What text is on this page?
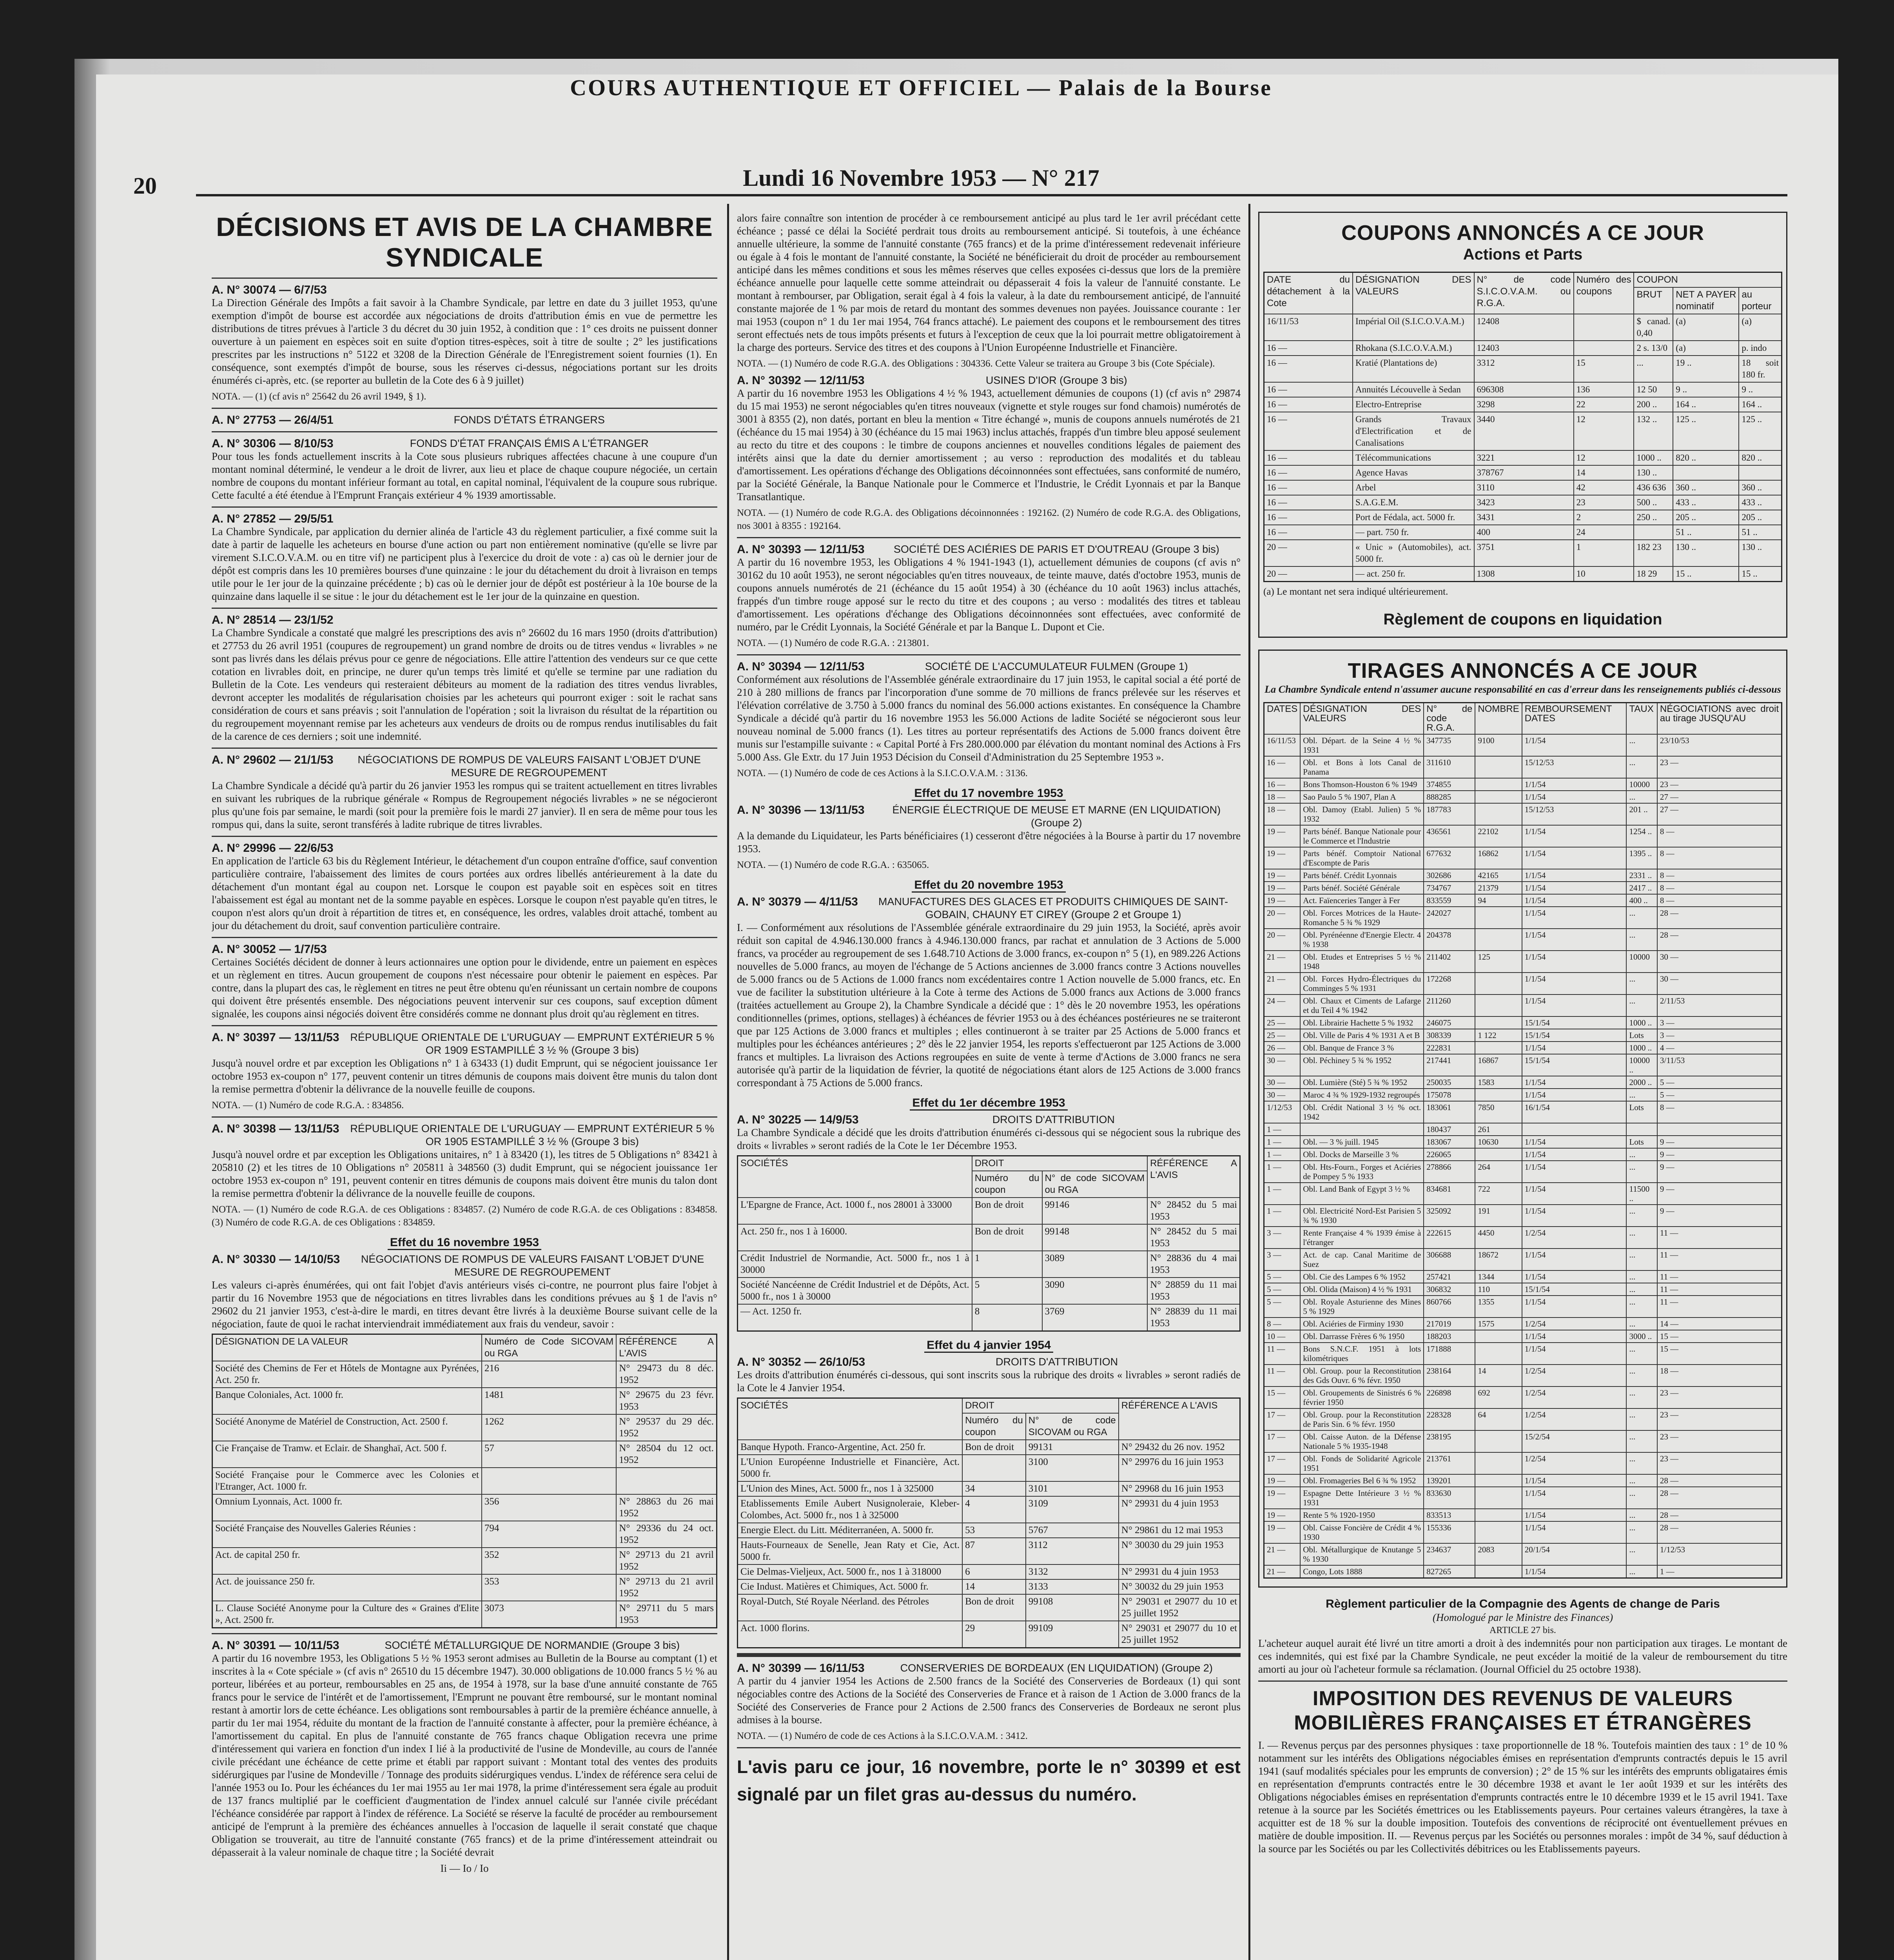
COURS AUTHENTIQUE ET OFFICIEL — Palais de la Bourse
20	Lundi 16 Novembre 1953 — N° 217
DÉCISIONS ET AVIS DE LA CHAMBRE SYNDICALE
A. N° 30074 — 6/7/53

La Direction Générale des Impôts a fait savoir à la Chambre Syndicale, par lettre en date du 3 juillet 1953, qu'une exemption d'impôt de bourse est accordée aux négociations de droits d'attribution émis en vue de permettre les distributions de titres prévues à l'article 3 du décret du 30 juin 1952, à condition que : 1° ces droits ne puissent donner ouverture à un paiement en espèces soit en suite d'option titres-espèces, soit à titre de soulte ; 2° les justifications prescrites par les instructions n° 5122 et 3208 de la Direction Générale de l'Enregistrement soient fournies (1). En conséquence, sont exemptés d'impôt de bourse, sous les réserves ci-dessus, négociations portant sur les droits énumérés ci-après, etc. (se reporter au bulletin de la Cote des 6 à 9 juillet)

NOTA. — (1) (cf avis n° 25642 du 26 avril 1949, § 1).

A. N° 27753 — 26/4/51	FONDS D'ÉTATS ÉTRANGERS

A. N° 30306 — 8/10/53	FONDS D'ÉTAT FRANÇAIS ÉMIS A L'ÉTRANGER

Pour tous les fonds actuellement inscrits à la Cote sous plusieurs rubriques affectées chacune à une coupure d'un montant nominal déterminé, le vendeur a le droit de livrer, aux lieu et place de chaque coupure négociée, un certain nombre de coupons du montant inférieur formant au total, en capital nominal, l'équivalent de la coupure sous rubrique. Cette faculté a été étendue à l'Emprunt Français extérieur 4 % 1939 amortissable.

A. N° 27852 — 29/5/51

La Chambre Syndicale, par application du dernier alinéa de l'article 43 du règlement particulier, a fixé comme suit la date à partir de laquelle les acheteurs en bourse d'une action ou part non entièrement nominative (qu'elle se livre par virement S.I.C.O.V.A.M. ou en titre vif) ne participent plus à l'exercice du droit de vote : a) cas où le dernier jour de dépôt est compris dans les 10 premières bourses d'une quinzaine : le jour du détachement du droit à livraison en temps utile pour le 1er jour de la quinzaine précédente ; b) cas où le dernier jour de dépôt est postérieur à la 10e bourse de la quinzaine dans laquelle il se situe : le jour du détachement est le 1er jour de la quinzaine en question.

A. N° 28514 — 23/1/52

La Chambre Syndicale a constaté que malgré les prescriptions des avis n° 26602 du 16 mars 1950 (droits d'attribution) et 27753 du 26 avril 1951 (coupures de regroupement) un grand nombre de droits ou de titres vendus « livrables » ne sont pas livrés dans les délais prévus pour ce genre de négociations. Elle attire l'attention des vendeurs sur ce que cette cotation en livrables doit, en principe, ne durer qu'un temps très limité et qu'elle se termine par une radiation du Bulletin de la Cote. Les vendeurs qui resteraient débiteurs au moment de la radiation des titres vendus livrables, devront accepter les modalités de régularisation choisies par les acheteurs qui pourront exiger : soit le rachat sans considération de cours et sans préavis ; soit l'annulation de l'opération ; soit la livraison du résultat de la répartition ou du regroupement moyennant remise par les acheteurs aux vendeurs de droits ou de rompus rendus inutilisables du fait de la carence de ces derniers ; soit une indemnité.

A. N° 29602 — 21/1/53	NÉGOCIATIONS DE ROMPUS DE VALEURS FAISANT L'OBJET D'UNE MESURE DE REGROUPEMENT

La Chambre Syndicale a décidé qu'à partir du 26 janvier 1953 les rompus qui se traitent actuellement en titres livrables en suivant les rubriques de la rubrique générale « Rompus de Regroupement négociés livrables » ne se négocieront plus qu'une fois par semaine, le mardi (soit pour la première fois le mardi 27 janvier). Il en sera de même pour tous les rompus qui, dans la suite, seront transférés à ladite rubrique de titres livrables.

A. N° 29996 — 22/6/53

En application de l'article 63 bis du Règlement Intérieur, le détachement d'un coupon entraîne d'office, sauf convention particulière contraire, l'abaissement des limites de cours portées aux ordres libellés antérieurement à la date du détachement d'un montant égal au coupon net. Lorsque le coupon est payable soit en espèces soit en titres l'abaissement est égal au montant net de la somme payable en espèces. Lorsque le coupon n'est payable qu'en titres, le coupon n'est alors qu'un droit à répartition de titres et, en conséquence, les ordres, valables droit attaché, tombent au jour du détachement du droit, sauf convention particulière contraire.

A. N° 30052 — 1/7/53

Certaines Sociétés décident de donner à leurs actionnaires une option pour le dividende, entre un paiement en espèces et un règlement en titres. Aucun groupement de coupons n'est nécessaire pour obtenir le paiement en espèces. Par contre, dans la plupart des cas, le règlement en titres ne peut être obtenu qu'en réunissant un certain nombre de coupons qui doivent être présentés ensemble. Des négociations peuvent intervenir sur ces coupons, sauf exception dûment signalée, les coupons ainsi négociés doivent être considérés comme ne donnant plus droit qu'au règlement en titres.

A. N° 30397 — 13/11/53 RÉPUBLIQUE ORIENTALE DE L'URUGUAY — EMPRUNT EXTÉRIEUR 5 % OR 1909 ESTAMPILLÉ 3 ½ % (Groupe 3 bis)

Jusqu'à nouvel ordre et par exception les Obligations n° 1 à 63433 (1) dudit Emprunt, qui se négocient jouissance 1er octobre 1953 ex-coupon n° 177, peuvent contenir un titres démunis de coupons mais doivent être munis du talon dont la remise permettra d'obtenir la délivrance de la nouvelle feuille de coupons.

NOTA. — (1) Numéro de code R.G.A. : 834856.

A. N° 30398 — 13/11/53 RÉPUBLIQUE ORIENTALE DE L'URUGUAY — EMPRUNT EXTÉRIEUR 5 % OR 1905 ESTAMPILLÉ 3 ½ % (Groupe 3 bis)

Jusqu'à nouvel ordre et par exception les Obligations unitaires, n° 1 à 83420 (1), les titres de 5 Obligations n° 83421 à 205810 (2) et les titres de 10 Obligations n° 205811 à 348560 (3) dudit Emprunt, qui se négocient jouissance 1er octobre 1953 ex-coupon n° 191, peuvent contenir en titres démunis de coupons mais doivent être munis du talon dont la remise permettra d'obtenir la délivrance de la nouvelle feuille de coupons.

NOTA. — (1) Numéro de code R.G.A. de ces Obligations : 834857. (2) Numéro de code R.G.A. de ces Obligations : 834858. (3) Numéro de code R.G.A. de ces Obligations : 834859.

Effet du 16 novembre 1953
A. N° 30330 — 14/10/53	NÉGOCIATIONS DE ROMPUS DE VALEURS FAISANT L'OBJET D'UNE MESURE DE REGROUPEMENT

Les valeurs ci-après énumérées, qui ont fait l'objet d'avis antérieurs visés ci-contre, ne pourront plus faire l'objet à partir du 16 Novembre 1953 que de négociations en titres livrables dans les conditions prévues au § 1 de l'avis n° 29602 du 21 janvier 1953, c'est-à-dire le mardi, en titres devant être livrés à la deuxième Bourse suivant celle de la négociation, faute de quoi le rachat interviendrait immédiatement aux frais du vendeur, savoir :

DÉSIGNATION DE LA VALEUR	Numéro de Code SICOVAM ou RGA	RÉFÉRENCE A L'AVIS
Société des Chemins de Fer et Hôtels de Montagne aux Pyrénées, Act. 250 fr.	216	N° 29473 du 8 déc. 1952
Banque Coloniales, Act. 1000 fr.	1481	N° 29675 du 23 févr. 1953
Société Anonyme de Matériel de Construction, Act. 2500 f.	1262	N° 29537 du 29 déc. 1952
Cie Française de Tramw. et Eclair. de Shanghaï, Act. 500 f.	57	N° 28504 du 12 oct. 1952
Société Française pour le Commerce avec les Colonies et l'Etranger, Act. 1000 fr.		
Omnium Lyonnais, Act. 1000 fr.	356	N° 28863 du 26 mai 1952
Société Française des Nouvelles Galeries Réunies :	794	N° 29336 du 24 oct. 1952
Act. de capital 250 fr.	352	N° 29713 du 21 avril 1952
Act. de jouissance 250 fr.	353	N° 29713 du 21 avril 1952
L. Clause Société Anonyme pour la Culture des « Graines d'Elite », Act. 2500 fr.	3073	N° 29711 du 5 mars 1953
A. N° 30391 — 10/11/53	SOCIÉTÉ MÉTALLURGIQUE DE NORMANDIE (Groupe 3 bis)

A partir du 16 novembre 1953, les Obligations 5 ½ % 1953 seront admises au Bulletin de la Bourse au comptant (1) et inscrites à la « Cote spéciale » (cf avis n° 26510 du 15 décembre 1947). 30.000 obligations de 10.000 francs 5 ½ % au porteur, libérées et au porteur, remboursables en 25 ans, de 1954 à 1978, sur la base d'une annuité constante de 765 francs pour le service de l'intérêt et de l'amortissement, l'Emprunt ne pouvant être remboursé, sur le montant nominal restant à amortir lors de cette échéance. Les obligations sont remboursables à partir de la première échéance annuelle, à partir du 1er mai 1954, réduite du montant de la fraction de l'annuité constante à affecter, pour la première échéance, à l'amortissement du capital. En plus de l'annuité constante de 765 francs chaque Obligation recevra une prime d'intéressement qui variera en fonction d'un index I lié à la productivité de l'usine de Mondeville, au cours de l'année civile précédant une échéance de cette prime et établi par rapport suivant : Montant total des ventes des produits sidérurgiques par l'usine de Mondeville / Tonnage des produits sidérurgiques vendus. L'index de référence sera celui de l'année 1953 ou Io. Pour les échéances du 1er mai 1955 au 1er mai 1978, la prime d'intéressement sera égale au produit de 137 francs multiplié par le coefficient d'augmentation de l'index annuel calculé sur l'année civile précédant l'échéance considérée par rapport à l'index de référence. La Société se réserve la faculté de procéder au remboursement anticipé de l'emprunt à la première des échéances annuelles à l'occasion de laquelle il serait constaté que chaque Obligation se trouverait, au titre de l'annuité constante (765 francs) et de la prime d'intéressement atteindrait ou dépasserait à la valeur nominale de chaque titre ; la Société devrait

Ii — Io / Io

alors faire connaître son intention de procéder à ce remboursement anticipé au plus tard le 1er avril précédant cette échéance ; passé ce délai la Société perdrait tous droits au remboursement anticipé. Si toutefois, à une échéance annuelle ultérieure, la somme de l'annuité constante (765 francs) et de la prime d'intéressement redevenait inférieure ou égale à 4 fois le montant de l'annuité constante, la Société ne bénéficierait du droit de procéder au remboursement anticipé dans les mêmes conditions et sous les mêmes réserves que celles exposées ci-dessus que lors de la première échéance annuelle pour laquelle cette somme atteindrait ou dépasserait 4 fois la valeur de l'annuité constante. Le montant à rembourser, par Obligation, serait égal à 4 fois la valeur, à la date du remboursement anticipé, de l'annuité constante majorée de 1 % par mois de retard du montant des sommes devenues non payées. Jouissance courante : 1er mai 1953 (coupon n° 1 du 1er mai 1954, 764 francs attaché). Le paiement des coupons et le remboursement des titres seront effectués nets de tous impôts présents et futurs à l'exception de ceux que la loi pourrait mettre obligatoirement à la charge des porteurs. Service des titres et des coupons à l'Union Européenne Industrielle et Financière.

NOTA. — (1) Numéro de code R.G.A. des Obligations : 304336. Cette Valeur se traitera au Groupe 3 bis (Cote Spéciale).

A. N° 30392 — 12/11/53	USINES D'IOR (Groupe 3 bis)

A partir du 16 novembre 1953 les Obligations 4 ½ % 1943, actuellement démunies de coupons (1) (cf avis n° 29874 du 15 mai 1953) ne seront négociables qu'en titres nouveaux (vignette et style rouges sur fond chamois) numérotés de 3001 à 8355 (2), non datés, portant en bleu la mention « Titre échangé », munis de coupons annuels numérotés de 21 (échéance du 15 mai 1954) à 30 (échéance du 15 mai 1963) inclus attachés, frappés d'un timbre bleu apposé seulement au recto du titre et des coupons : le timbre de coupons anciennes et nouvelles conditions légales de paiement des intérêts ainsi que la date du dernier amortissement ; au verso : reproduction des modalités et du tableau d'amortissement. Les opérations d'échange des Obligations décoinnonnées sont effectuées, sans conformité de numéro, par la Société Générale, la Banque Nationale pour le Commerce et l'Industrie, le Crédit Lyonnais et par la Banque Transatlantique.

NOTA. — (1) Numéro de code R.G.A. des Obligations décoinnonnées : 192162. (2) Numéro de code R.G.A. des Obligations, nos 3001 à 8355 : 192164.

A. N° 30393 — 12/11/53	SOCIÉTÉ DES ACIÉRIES DE PARIS ET D'OUTREAU (Groupe 3 bis)

A partir du 16 novembre 1953, les Obligations 4 % 1941-1943 (1), actuellement démunies de coupons (cf avis n° 30162 du 10 août 1953), ne seront négociables qu'en titres nouveaux, de teinte mauve, datés d'octobre 1953, munis de coupons annuels numérotés de 21 (échéance du 15 août 1954) à 30 (échéance du 10 août 1963) inclus attachés, frappés d'un timbre rouge apposé sur le recto du titre et des coupons ; au verso : modalités des titres et tableau d'amortissement. Les opérations d'échange des Obligations décoinnonnées sont effectuées, avec conformité de numéro, par le Crédit Lyonnais, la Société Générale et par la Banque L. Dupont et Cie.

NOTA. — (1) Numéro de code R.G.A. : 213801.

A. N° 30394 — 12/11/53	SOCIÉTÉ DE L'ACCUMULATEUR FULMEN (Groupe 1)

Conformément aux résolutions de l'Assemblée générale extraordinaire du 17 juin 1953, le capital social a été porté de 210 à 280 millions de francs par l'incorporation d'une somme de 70 millions de francs prélevée sur les réserves et l'élévation corrélative de 3.750 à 5.000 francs du nominal des 56.000 actions existantes. En conséquence la Chambre Syndicale a décidé qu'à partir du 16 novembre 1953 les 56.000 Actions de ladite Société se négocieront sous leur nouveau nominal de 5.000 francs (1). Les titres au porteur représentatifs des Actions de 5.000 francs doivent être munis sur l'estampille suivante : « Capital Porté à Frs 280.000.000 par élévation du montant nominal des Actions à Frs 5.000 Ass. Gle Extr. du 17 Juin 1953 Décision du Conseil d'Administration du 25 Septembre 1953 ».

NOTA. — (1) Numéro de code de ces Actions à la S.I.C.O.V.A.M. : 3136.

Effet du 17 novembre 1953
A. N° 30396 — 13/11/53	ÉNERGIE ÉLECTRIQUE DE MEUSE ET MARNE (EN LIQUIDATION) (Groupe 2)

A la demande du Liquidateur, les Parts bénéficiaires (1) cesseront d'être négociées à la Bourse à partir du 17 novembre 1953.

NOTA. — (1) Numéro de code R.G.A. : 635065.

Effet du 20 novembre 1953
A. N° 30379 — 4/11/53	MANUFACTURES DES GLACES ET PRODUITS CHIMIQUES DE SAINT-GOBAIN, CHAUNY ET CIREY (Groupe 2 et Groupe 1)

I. — Conformément aux résolutions de l'Assemblée générale extraordinaire du 29 juin 1953, la Société, après avoir réduit son capital de 4.946.130.000 francs à 4.946.130.000 francs, par rachat et annulation de 3 Actions de 5.000 francs, va procéder au regroupement de ses 1.648.710 Actions de 3.000 francs, ex-coupon n° 5 (1), en 989.226 Actions nouvelles de 5.000 francs, au moyen de l'échange de 5 Actions anciennes de 3.000 francs contre 3 Actions nouvelles de 5.000 francs ou de 5 Actions de 1.000 francs nom excédentaires contre 1 Action nouvelle de 5.000 francs, etc. En vue de faciliter la substitution ultérieure à la Cote à terme des Actions de 5.000 francs aux Actions de 3.000 francs (traitées actuellement au Groupe 2), la Chambre Syndicale a décidé que : 1° dès le 20 novembre 1953, les opérations conditionnelles (primes, options, stellages) à échéances de février 1953 ou à des échéances postérieures ne se traiteront que par 125 Actions de 3.000 francs et multiples ; elles continueront à se traiter par 25 Actions de 5.000 francs et multiples pour les échéances antérieures ; 2° dès le 22 janvier 1954, les reports s'effectueront par 125 Actions de 3.000 francs et multiples. La livraison des Actions regroupées en suite de vente à terme d'Actions de 3.000 francs ne sera autorisée qu'à partir de la liquidation de février, la quotité de négociations étant alors de 125 Actions de 3.000 francs correspondant à 75 Actions de 5.000 francs.

Effet du 1er décembre 1953
A. N° 30225 — 14/9/53	DROITS D'ATTRIBUTION

La Chambre Syndicale a décidé que les droits d'attribution énumérés ci-dessous qui se négocient sous la rubrique des droits « livrables » seront radiés de la Cote le 1er Décembre 1953.

SOCIÉTÉS	DROIT		RÉFÉRENCE A L'AVIS
	Numéro du coupon	N° de code SICOVAM ou RGA	
L'Epargne de France, Act. 1000 f., nos 28001 à 33000	Bon de droit	99146	N° 28452 du 5 mai 1953
Act. 250 fr., nos 1 à 16000.	Bon de droit	99148	N° 28452 du 5 mai 1953
Crédit Industriel de Normandie, Act. 5000 fr., nos 1 à 30000	1	3089	N° 28836 du 4 mai 1953
Société Nancéenne de Crédit Industriel et de Dépôts, Act. 5000 fr., nos 1 à 30000	5	3090	N° 28859 du 11 mai 1953
— Act. 1250 fr.	8	3769	N° 28839 du 11 mai 1953
Effet du 4 janvier 1954
A. N° 30352 — 26/10/53	DROITS D'ATTRIBUTION

Les droits d'attribution énumérés ci-dessous, qui sont inscrits sous la rubrique des droits « livrables » seront radiés de la Cote le 4 Janvier 1954.

SOCIÉTÉS	DROIT		RÉFÉRENCE A L'AVIS
	Numéro du coupon	N° de code SICOVAM ou RGA	
Banque Hypoth. Franco-Argentine, Act. 250 fr.	Bon de droit	99131	N° 29432 du 26 nov. 1952
L'Union Européenne Industrielle et Financière, Act. 5000 fr.		3100	N° 29976 du 16 juin 1953
L'Union des Mines, Act. 5000 fr., nos 1 à 325000	34	3101	N° 29968 du 16 juin 1953
Etablissements Emile Aubert Nusignoleraie, Kleber-Colombes, Act. 5000 fr., nos 1 à 325000	4	3109	N° 29931 du 4 juin 1953
Energie Elect. du Litt. Méditerranéen, A. 5000 fr.	53	5767	N° 29861 du 12 mai 1953
Hauts-Fourneaux de Senelle, Jean Raty et Cie, Act. 5000 fr.	87	3112	N° 30030 du 29 juin 1953
Cie Delmas-Vieljeux, Act. 5000 fr., nos 1 à 318000	6	3132	N° 29931 du 4 juin 1953
Cie Indust. Matières et Chimiques, Act. 5000 fr.	14	3133	N° 30032 du 29 juin 1953
Royal-Dutch, Sté Royale Néerland. des Pétroles	Bon de droit	99108	N° 29031 et 29077 du 10 et 25 juillet 1952
Act. 1000 florins.	29	99109	N° 29031 et 29077 du 10 et 25 juillet 1952
A. N° 30399 — 16/11/53	CONSERVERIES DE BORDEAUX (EN LIQUIDATION) (Groupe 2)

A partir du 4 janvier 1954 les Actions de 2.500 francs de la Société des Conserveries de Bordeaux (1) qui sont négociables contre des Actions de la Société des Conserveries de France et à raison de 1 Action de 3.000 francs de la Société des Conserveries de France pour 2 Actions de 2.500 francs des Conserveries de Bordeaux ne seront plus admises à la bourse.

NOTA. — (1) Numéro de code de ces Actions à la S.I.C.O.V.A.M. : 3412.

L'avis paru ce jour, 16 novembre, porte le n° 30399 et est signalé par un filet gras au-dessus du numéro.
COUPONS ANNONCÉS A CE JOUR
Actions et Parts
DATE du détachement à la Cote	DÉSIGNATION DES VALEURS	N° de code S.I.C.O.V.A.M. ou R.G.A.	Numéro des coupons	COUPON		
				BRUT	NET A PAYER nominatif	au porteur
16/11/53	Impérial Oil (S.I.C.O.V.A.M.)	12408		$ canad. 0,40	(a)	(a)
16 —	Rhokana (S.I.C.O.V.A.M.)	12403		2 s. 13/0	(a)	p. indo
16 —	Kratié (Plantations de)	3312	15	...	19 ..	18 soit 180 fr.
16 —	Annuités Lécouvelle à Sedan	696308	136	12 50	9 ..	9 ..
16 —	Electro-Entreprise	3298	22	200 ..	164 ..	164 ..
16 —	Grands Travaux d'Electrification et de Canalisations	3440	12	132 ..	125 ..	125 ..
16 —	Télécommunications	3221	12	1000 ..	820 ..	820 ..
16 —	Agence Havas	378767	14	130 ..		
16 —	Arbel	3110	42	436 636	360 ..	360 ..
16 —	S.A.G.E.M.	3423	23	500 ..	433 ..	433 ..
16 —	Port de Fédala, act. 5000 fr.	3431	2	250 ..	205 ..	205 ..
16 —	— part. 750 fr.	400	24		51 ..	51 ..
20 —	« Unic » (Automobiles), act. 5000 fr.	3751	1	182 23	130 ..	130 ..
20 —	— act. 250 fr.	1308	10	18 29	15 ..	15 ..

(a) Le montant net sera indiqué ultérieurement.

Règlement de coupons en liquidation
TIRAGES ANNONCÉS A CE JOUR
La Chambre Syndicale entend n'assumer aucune responsabilité en cas d'erreur dans les renseignements publiés ci-dessous
DATES	DÉSIGNATION DES VALEURS	N° de code R.G.A.	NOMBRE	REMBOURSEMENT DATES	TAUX	NÉGOCIATIONS avec droit au tirage JUSQU'AU
16/11/53	Obl. Départ. de la Seine 4 ½ % 1931	347735	9100	1/1/54	...	23/10/53
16 —	Obl. et Bons à lots Canal de Panama	311610		15/12/53	...	23 —
16 —	Bons Thomson-Houston 6 % 1949	374855		1/1/54	10000	23 —
18 —	Sao Paulo 5 % 1907, Plan A	888285		1/1/54	...	27 —
18 —	Obl. Damoy (Etabl. Julien) 5 % 1932	187783		15/12/53	201 ..	27 —
19 —	Parts bénéf. Banque Nationale pour le Commerce et l'Industrie	436561	22102	1/1/54	1254 ..	8 —
19 —	Parts bénéf. Comptoir National d'Escompte de Paris	677632	16862	1/1/54	1395 ..	8 —
19 —	Parts bénéf. Crédit Lyonnais	302686	42165	1/1/54	2331 ..	8 —
19 —	Parts bénéf. Société Générale	734767	21379	1/1/54	2417 ..	8 —
19 —	Act. Faïenceries Tanger à Fer	833559	94	1/1/54	400 ..	8 —
20 —	Obl. Forces Motrices de la Haute-Romanche 5 ¾ % 1929	242027		1/1/54	...	28 —
20 —	Obl. Pyrénéenne d'Energie Electr. 4 % 1938	204378		1/1/54	...	28 —
21 —	Obl. Etudes et Entreprises 5 ½ % 1948	211402	125	1/1/54	10000	30 —
21 —	Obl. Forces Hydro-Électriques du Comminges 5 % 1931	172268		1/1/54	...	30 —
24 —	Obl. Chaux et Ciments de Lafarge et du Teil 4 % 1942	211260		1/1/54	...	2/11/53
25 —	Obl. Librairie Hachette 5 % 1932	246075		15/1/54	1000 ..	3 —
25 —	Obl. Ville de Paris 4 % 1931 A et B	308339	1 122	15/1/54	Lots	3 —
26 —	Obl. Banque de France 3 %	222831		1/1/54	1000 ..	4 —
30 —	Obl. Péchiney 5 ¾ % 1952	217441	16867	15/1/54	10000 ..	3/11/53
30 —	Obl. Lumière (Sté) 5 ¾ % 1952	250035	1583	1/1/54	2000 ..	5 —
30 —	Maroc 4 ¾ % 1929-1932 regroupés	175078		1/1/54	...	5 —
1/12/53	Obl. Crédit National 3 ½ % oct. 1942	183061	7850	16/1/54	Lots	8 —
1 —		180437	261			
1 —	Obl. — 3 % juill. 1945	183067	10630	1/1/54	Lots	9 —
1 —	Obl. Docks de Marseille 3 %	226065		1/1/54	...	9 —
1 —	Obl. Hts-Fourn., Forges et Aciéries de Pompey 5 % 1933	278866	264	1/1/54	...	9 —
1 —	Obl. Land Bank of Egypt 3 ½ %	834681	722	1/1/54	11500 ..	9 —
1 —	Obl. Electricité Nord-Est Parisien 5 ¾ % 1930	325092	191	1/1/54	...	9 —
3 —	Rente Française 4 % 1939 émise à l'étranger	222615	4450	1/2/54	...	11 —
3 —	Act. de cap. Canal Maritime de Suez	306688	18672	1/1/54	...	11 —
5 —	Obl. Cie des Lampes 6 % 1952	257421	1344	1/1/54	...	11 —
5 —	Obl. Olida (Maison) 4 ½ % 1931	306832	110	15/1/54	...	11 —
5 —	Obl. Royale Asturienne des Mines 5 % 1929	860766	1355	1/1/54	...	11 —
8 —	Obl. Aciéries de Firminy 1930	217019	1575	1/2/54	...	14 —
10 —	Obl. Darrasse Frères 6 % 1950	188203		1/1/54	3000 ..	15 —
11 —	Bons S.N.C.F. 1951 à lots kilométriques	171888		1/1/54	...	15 —
11 —	Obl. Group. pour la Reconstitution des Gds Ouvr. 6 % févr. 1950	238164	14	1/2/54	...	18 —
15 —	Obl. Groupements de Sinistrés 6 % février 1950	226898	692	1/2/54	...	23 —
17 —	Obl. Group. pour la Reconstitution de Paris Sin. 6 % févr. 1950	228328	64	1/2/54	...	23 —
17 —	Obl. Caisse Auton. de la Défense Nationale 5 % 1935-1948	238195		15/2/54	...	23 —
17 —	Obl. Fonds de Solidarité Agricole 1951	213761		1/2/54	...	23 —
19 —	Obl. Fromageries Bel 6 ¾ % 1952	139201		1/1/54	...	28 —
19 —	Espagne Dette Intérieure 3 ½ % 1931	833630		1/1/54	...	28 —
19 —	Rente 5 % 1920-1950	833513		1/1/54	...	28 —
19 —	Obl. Caisse Foncière de Crédit 4 % 1930	155336		1/1/54	...	28 —
21 —	Obl. Métallurgique de Knutange 5 % 1930	234637	2083	20/1/54	...	1/12/53
21 —	Congo, Lots 1888	827265		1/1/54	...	1 —
Règlement particulier de la Compagnie des Agents de change de Paris
(Homologué par le Ministre des Finances)
ARTICLE 27 bis.

L'acheteur auquel aurait été livré un titre amorti a droit à des indemnités pour non participation aux tirages. Le montant de ces indemnités, qui est fixé par la Chambre Syndicale, ne peut excéder la moitié de la valeur de remboursement du titre amorti au jour où l'acheteur formule sa réclamation. (Journal Officiel du 25 octobre 1938).

IMPOSITION DES REVENUS DE VALEURS MOBILIÈRES FRANÇAISES ET ÉTRANGÈRES

I. — Revenus perçus par des personnes physiques : taxe proportionnelle de 18 %. Toutefois maintien des taux : 1° de 10 % notamment sur les intérêts des Obligations négociables émises en représentation d'emprunts contractés depuis le 15 avril 1941 (sauf modalités spéciales pour les emprunts de conversion) ; 2° de 15 % sur les intérêts des emprunts obligataires émis en représentation d'emprunts contractés entre le 30 décembre 1938 et avant le 1er août 1939 et sur les intérêts des Obligations négociables émises en représentation d'emprunts contractés entre le 10 décembre 1939 et le 15 avril 1941. Taxe retenue à la source par les Sociétés émettrices ou les Etablissements payeurs. Pour certaines valeurs étrangères, la taxe à acquitter est de 18 % sur la double imposition. Toutefois des conventions de réciprocité ont éventuellement prévues en matière de double imposition. II. — Revenus perçus par les Sociétés ou personnes morales : impôt de 34 %, sauf déduction à la source par les Sociétés ou par les Collectivités débitrices ou les Etablissements payeurs.
